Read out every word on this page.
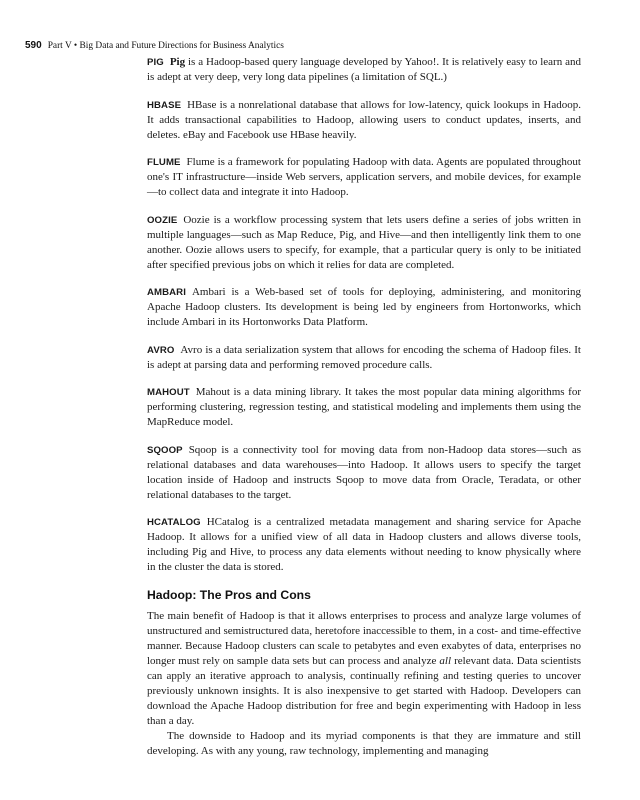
590 Part V • Big Data and Future Directions for Business Analytics

PIG Pig is a Hadoop-based query language developed by Yahoo!. It is relatively easy to learn and is adept at very deep, very long data pipelines (a limitation of SQL.)

HBASE HBase is a nonrelational database that allows for low-latency, quick lookups in Hadoop. It adds transactional capabilities to Hadoop, allowing users to conduct updates, inserts, and deletes. eBay and Facebook use HBase heavily.

FLUME Flume is a framework for populating Hadoop with data. Agents are populated throughout one's IT infrastructure—inside Web servers, application servers, and mobile devices, for example—to collect data and integrate it into Hadoop.

OOZIE Oozie is a workflow processing system that lets users define a series of jobs written in multiple languages—such as Map Reduce, Pig, and Hive—and then intelligently link them to one another. Oozie allows users to specify, for example, that a particular query is only to be initiated after specified previous jobs on which it relies for data are completed.

AMBARI Ambari is a Web-based set of tools for deploying, administering, and monitoring Apache Hadoop clusters. Its development is being led by engineers from Hortonworks, which include Ambari in its Hortonworks Data Platform.

AVRO Avro is a data serialization system that allows for encoding the schema of Hadoop files. It is adept at parsing data and performing removed procedure calls.

MAHOUT Mahout is a data mining library. It takes the most popular data mining algorithms for performing clustering, regression testing, and statistical modeling and implements them using the MapReduce model.

SQOOP Sqoop is a connectivity tool for moving data from non-Hadoop data stores—such as relational databases and data warehouses—into Hadoop. It allows users to specify the target location inside of Hadoop and instructs Sqoop to move data from Oracle, Teradata, or other relational databases to the target.

HCATALOG HCatalog is a centralized metadata management and sharing service for Apache Hadoop. It allows for a unified view of all data in Hadoop clusters and allows diverse tools, including Pig and Hive, to process any data elements without needing to know physically where in the cluster the data is stored.

Hadoop: The Pros and Cons

The main benefit of Hadoop is that it allows enterprises to process and analyze large volumes of unstructured and semistructured data, heretofore inaccessible to them, in a cost- and time-effective manner. Because Hadoop clusters can scale to petabytes and even exabytes of data, enterprises no longer must rely on sample data sets but can process and analyze all relevant data. Data scientists can apply an iterative approach to analysis, continually refining and testing queries to uncover previously unknown insights. It is also inexpensive to get started with Hadoop. Developers can download the Apache Hadoop distribution for free and begin experimenting with Hadoop in less than a day.

The downside to Hadoop and its myriad components is that they are immature and still developing. As with any young, raw technology, implementing and managing
